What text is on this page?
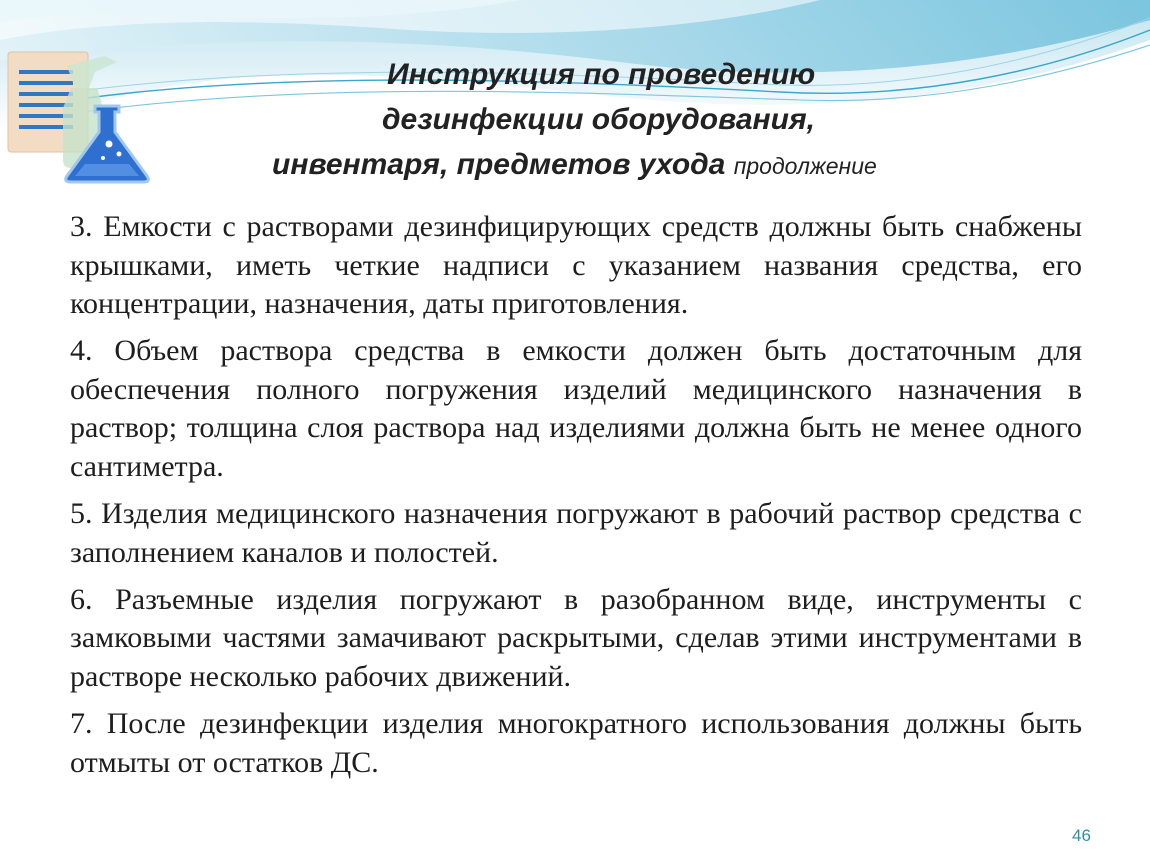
Инструкция по проведению
дезинфекции оборудования,
инвентаря, предметов ухода продолжение

3. Емкости с растворами дезинфицирующих средств должны быть снабжены крышками, иметь четкие надписи с указанием названия средства, его концентрации, назначения, даты приготовления.

4. Объем раствора средства в емкости должен быть достаточным для обеспечения полного погружения изделий медицинского назначения в раствор; толщина слоя раствора над изделиями должна быть не менее одного сантиметра.

5. Изделия медицинского назначения погружают в рабочий раствор средства с заполнением каналов и полостей.

6. Разъемные изделия погружают в разобранном виде, инструменты с замковыми частями замачивают раскрытыми, сделав этими инструментами в растворе несколько рабочих движений.

7. После дезинфекции изделия многократного использования должны быть отмыты от остатков ДС.

46
